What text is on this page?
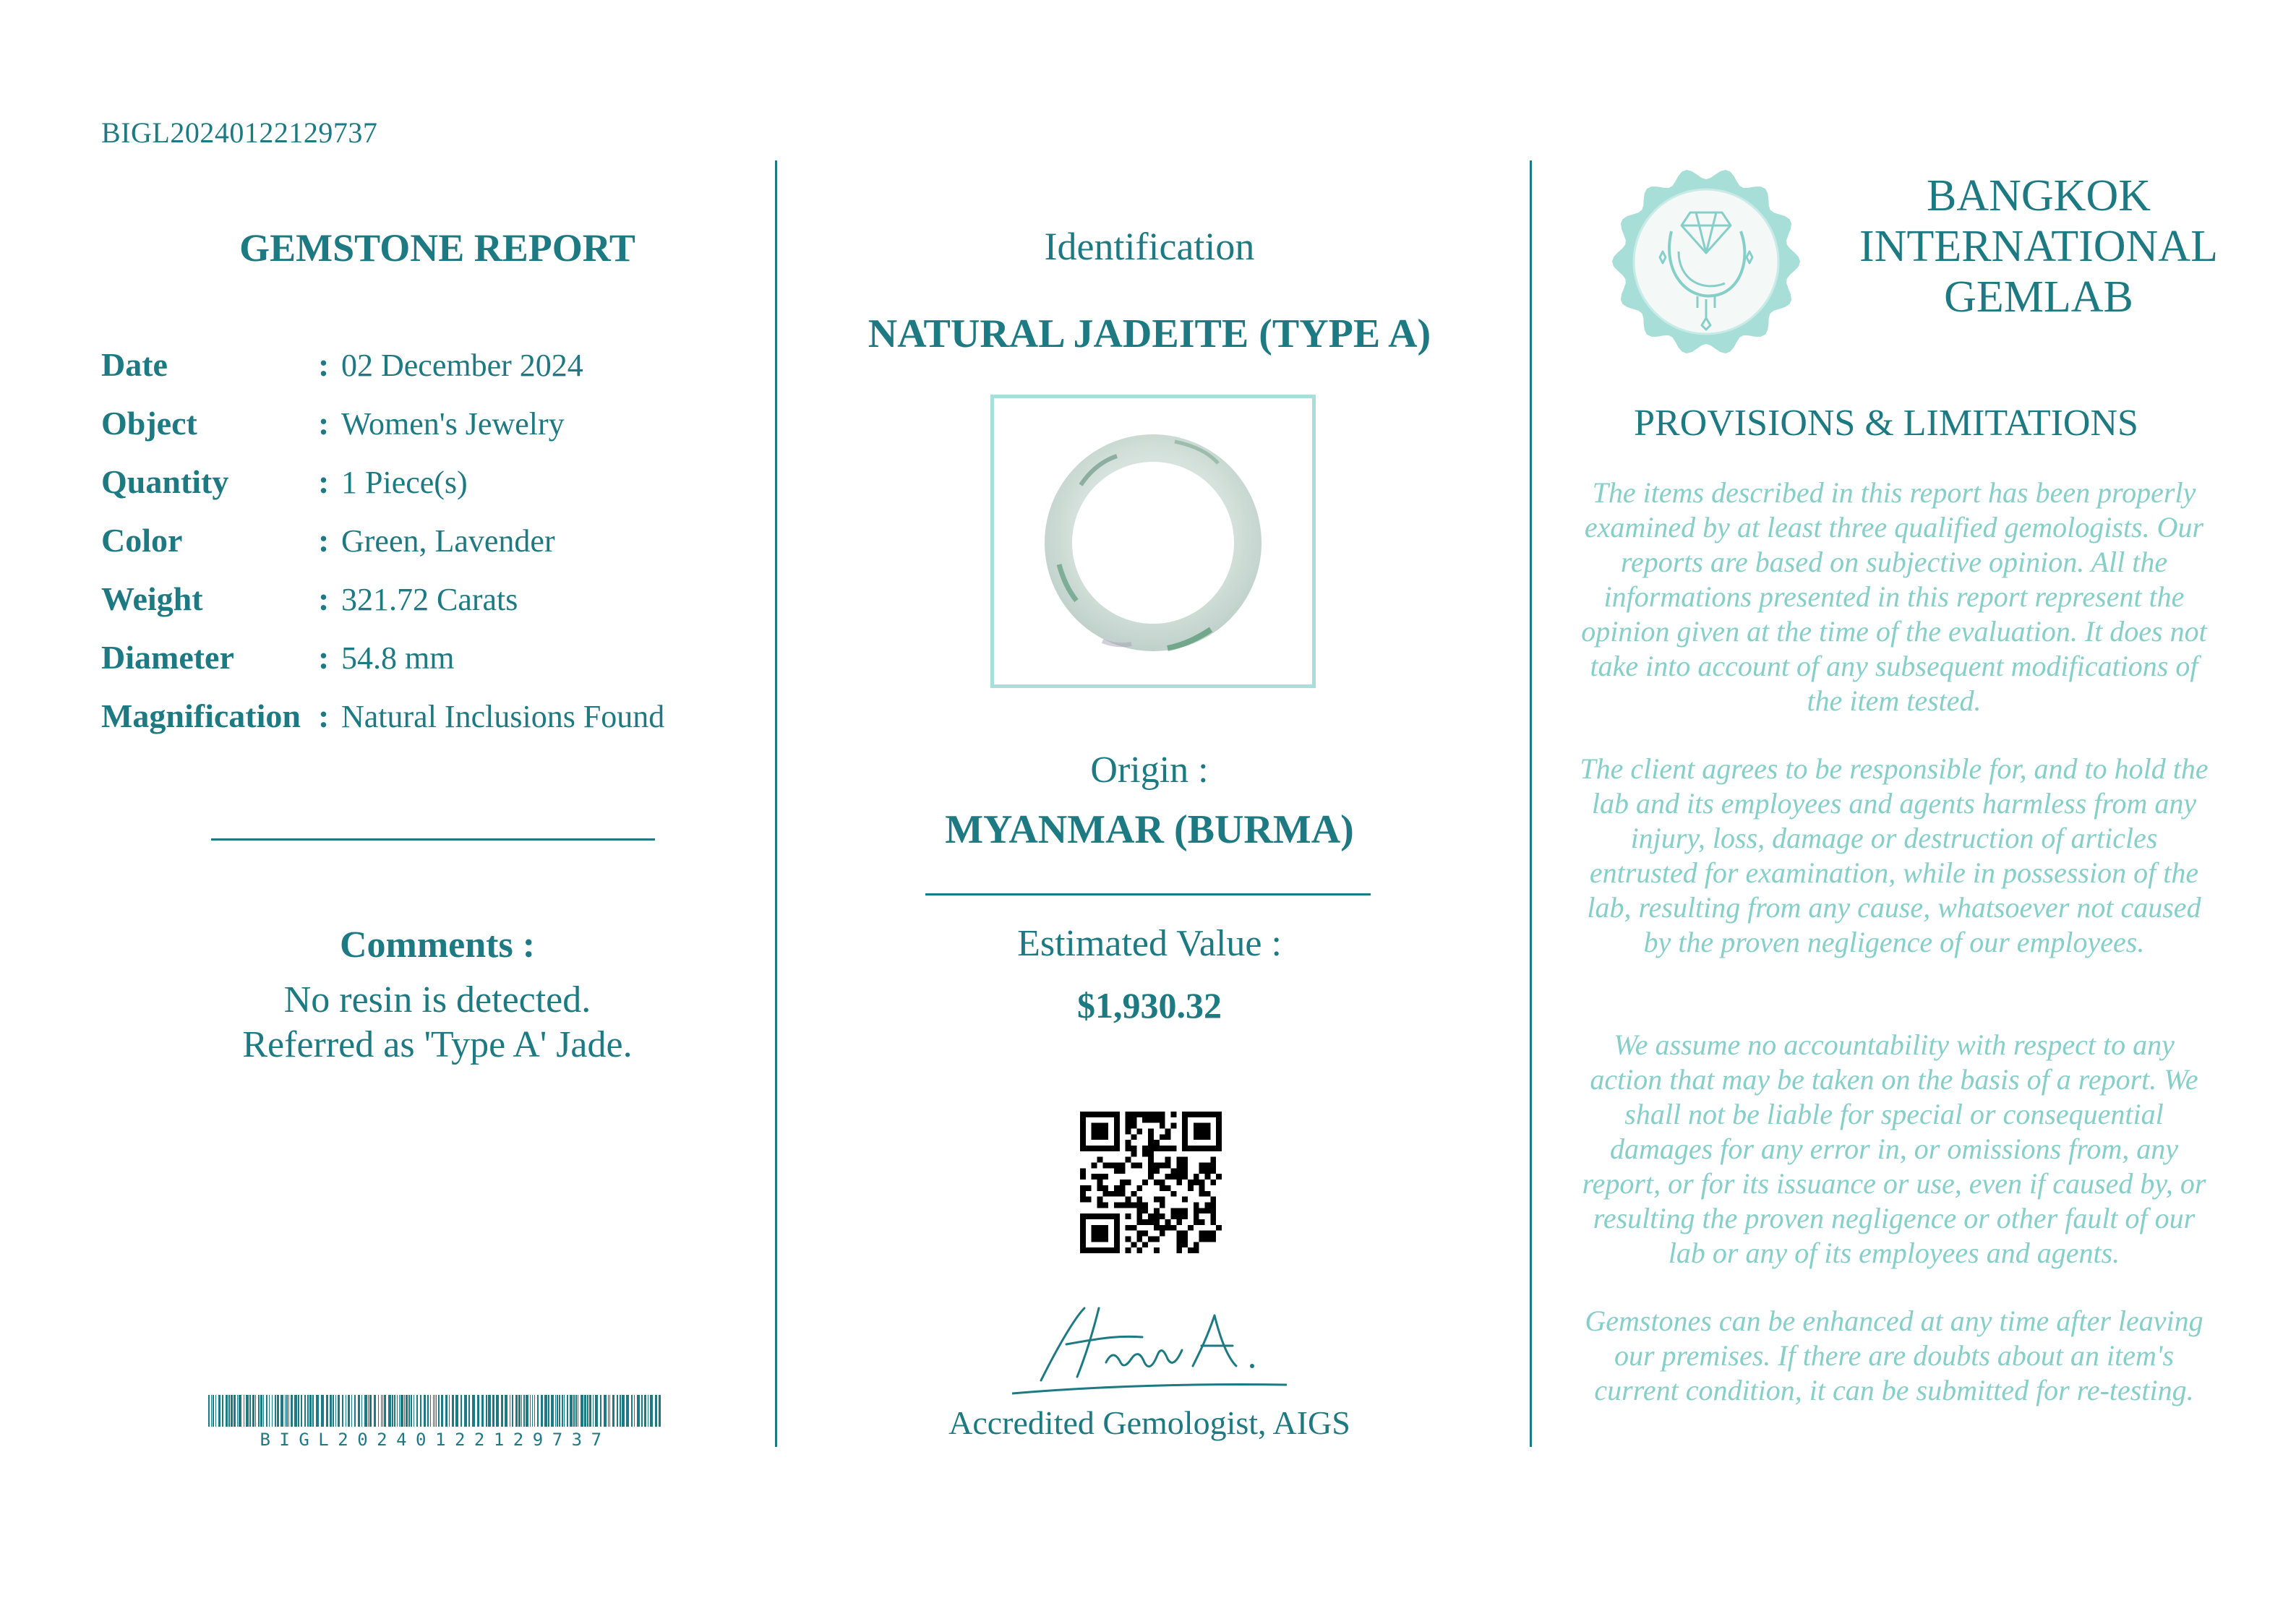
BIGL20240122129737
GEMSTONE REPORT
Date	: 02 December 2024
Object	: Women's Jewelry
Quantity	: 1 Piece(s)
Color	: Green, Lavender
Weight	: 321.72 Carats
Diameter	: 54.8 mm
Magnification : Natural Inclusions Found
Comments :
No resin is detected.
Referred as 'Type A' Jade.
BIGL20240122129737
Identification
NATURAL JADEITE (TYPE A)
Origin :
MYANMAR (BURMA)
Estimated Value :
$1,930.32
Accredited Gemologist, AIGS
BANGKOK
INTERNATIONAL
GEMLAB
PROVISIONS & LIMITATIONS
The items described in this report has been properly examined by at least three qualified gemologists. Our reports are based on subjective opinion. All the informations presented in this report represent the opinion given at the time of the evaluation. It does not take into account of any subsequent modifications of the item tested.
The client agrees to be responsible for, and to hold the lab and its employees and agents harmless from any injury, loss, damage or destruction of articles entrusted for examination, while in possession of the lab, resulting from any cause, whatsoever not caused by the proven negligence of our employees.
We assume no accountability with respect to any action that may be taken on the basis of a report. We shall not be liable for special or consequential damages for any error in, or omissions from, any report, or for its issuance or use, even if caused by, or resulting the proven negligence or other fault of our lab or any of its employees and agents.
Gemstones can be enhanced at any time after leaving our premises. If there are doubts about an item's current condition, it can be submitted for re-testing.
